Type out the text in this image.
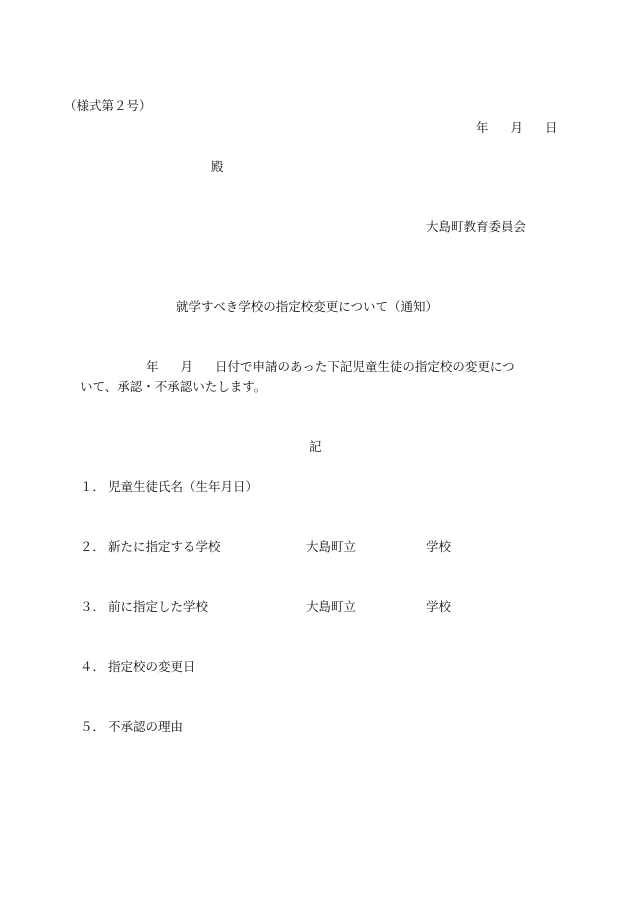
（様式第２号）
年 月 日
殿
大島町教育委員会
就学すべき学校の指定校変更について（通知）
年 月 日付で申請のあった下記児童生徒の指定校の変更につ
いて、承認・不承認いたします。
記
１． 児童生徒氏名（生年月日）
２． 新たに指定する学校	大島町立	学校
３． 前に指定した学校	大島町立	学校
４． 指定校の変更日
５． 不承認の理由
